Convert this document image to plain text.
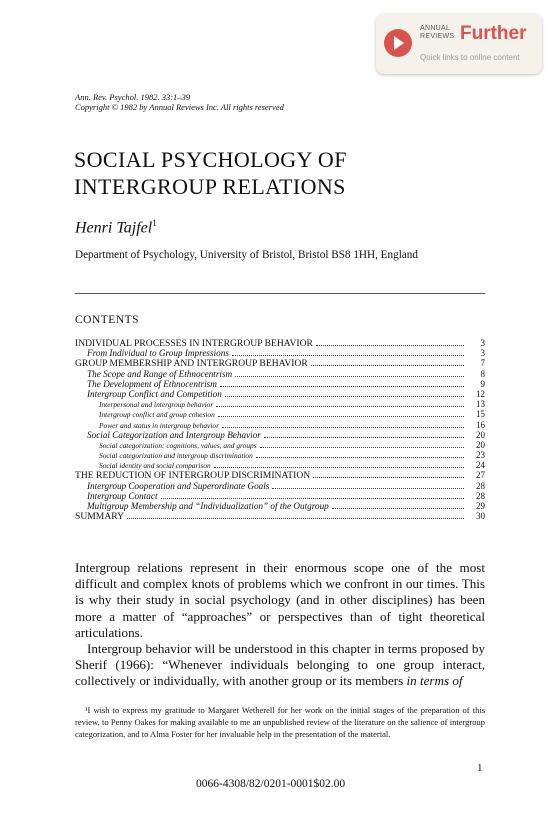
ANNUAL
REVIEWS Further
Quick links to online content
Ann. Rev. Psychol. 1982. 33:1–39
Copyright © 1982 by Annual Reviews Inc. All rights reserved
SOCIAL PSYCHOLOGY OF
INTERGROUP RELATIONS
Henri Tajfel$^1$
Department of Psychology, University of Bristol, Bristol BS8 1HH, England
CONTENTS
INDIVIDUAL PROCESSES IN INTERGROUP BEHAVIOR	3
From Individual to Group Impressions	3
GROUP MEMBERSHIP AND INTERGROUP BEHAVIOR	7
The Scope and Range of Ethnocentrism	8
The Development of Ethnocentrism	9
Intergroup Conflict and Competition	12
Interpersonal and intergroup behavior	13
Intergroup conflict and group cohesion	15
Power and status in intergroup behavior	16
Social Categorization and Intergroup Behavior	20
Social categorization: cognitions, values, and groups	20
Social categorization and intergroup discrimination	23
Social identity and social comparison	24
THE REDUCTION OF INTERGROUP DISCRIMINATION	27
Intergroup Cooperation and Superordinate Goals	28
Intergroup Contact	28
Multigroup Membership and “Individualization” of the Outgroup	29
SUMMARY	30

Intergroup relations represent in their enormous scope one of the most difficult and complex knots of problems which we confront in our times. This is why their study in social psychology (and in other disciplines) has been more a matter of “approaches” or perspectives than of tight theoretical articulations.

Intergroup behavior will be understood in this chapter in terms proposed by Sherif (1966): “Whenever individuals belonging to one group interact, collectively or individually, with another group or its members in terms of

¹I wish to express my gratitude to Margaret Wetherell for her work on the initial stages of the preparation of this review, to Penny Oakes for making available to me an unpublished review of the literature on the salience of intergroup categorization, and to Alma Foster for her invaluable help in the presentation of the material.

1
0066-4308/82/0201-0001$02.00
